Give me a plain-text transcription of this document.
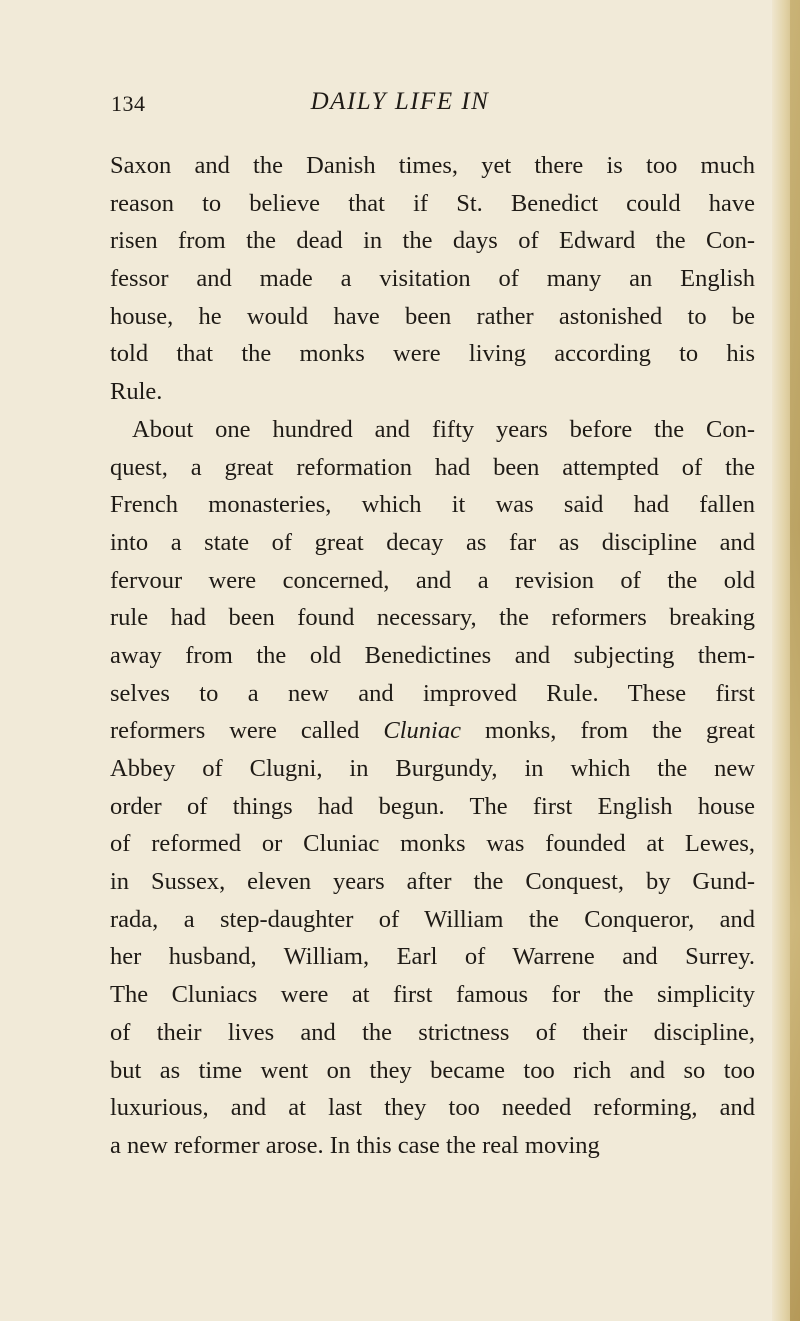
134	DAILY LIFE IN
Saxon and the Danish times, yet there is too much
reason to believe that if St. Benedict could have
risen from the dead in the days of Edward the Con-
fessor and made a visitation of many an English
house, he would have been rather astonished to be
told that the monks were living according to his
Rule.
About one hundred and fifty years before the Con-
quest, a great reformation had been attempted of the
French monasteries, which it was said had fallen
into a state of great decay as far as discipline and
fervour were concerned, and a revision of the old
rule had been found necessary, the reformers breaking
away from the old Benedictines and subjecting them-
selves to a new and improved Rule. These first
reformers were called Cluniac monks, from the great
Abbey of Clugni, in Burgundy, in which the new
order of things had begun. The first English house
of reformed or Cluniac monks was founded at Lewes,
in Sussex, eleven years after the Conquest, by Gund-
rada, a step-daughter of William the Conqueror, and
her husband, William, Earl of Warrene and Surrey.
The Cluniacs were at first famous for the simplicity
of their lives and the strictness of their discipline,
but as time went on they became too rich and so too
luxurious, and at last they too needed reforming, and
a new reformer arose. In this case the real moving
